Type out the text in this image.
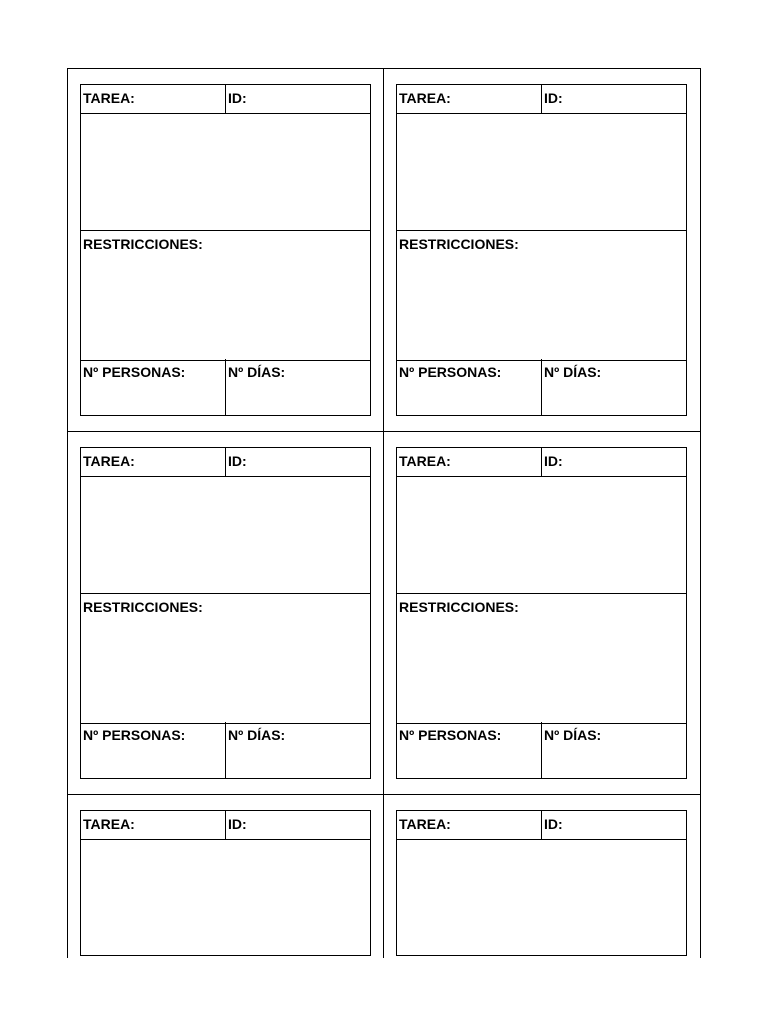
TAREA:	ID:
RESTRICCIONES:
Nº PERSONAS:	Nº DÍAS:
TAREA:	ID:
RESTRICCIONES:
Nº PERSONAS:	Nº DÍAS:
TAREA:	ID:
RESTRICCIONES:
Nº PERSONAS:	Nº DÍAS:
TAREA:	ID:
RESTRICCIONES:
Nº PERSONAS:	Nº DÍAS:
TAREA:	ID:	TAREA:	ID:
